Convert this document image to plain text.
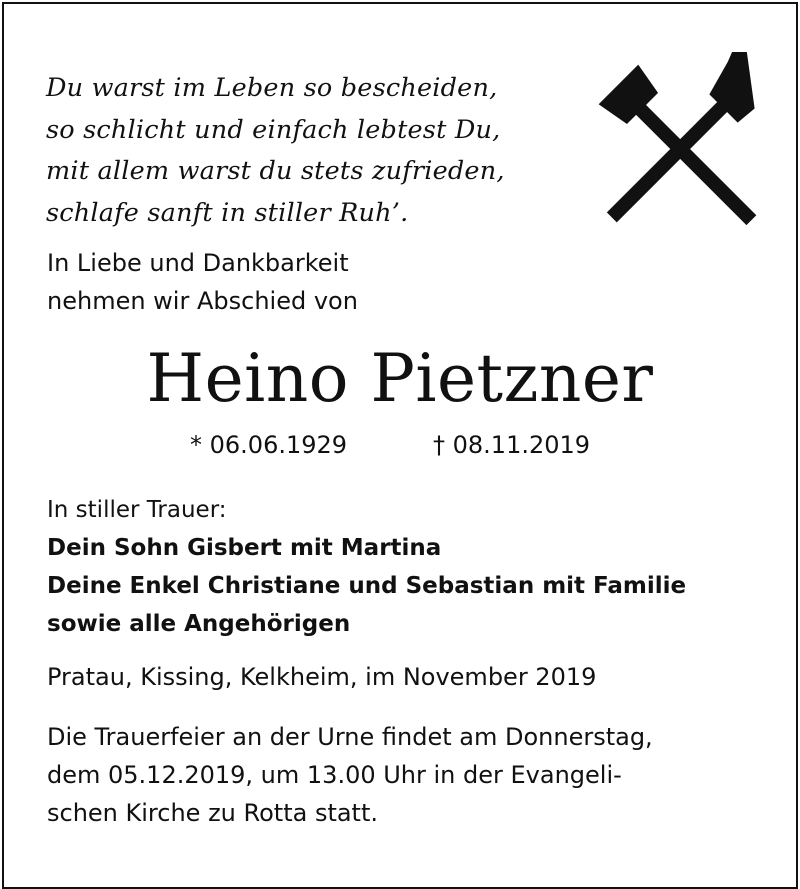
Du warst im Leben so bescheiden,
so schlicht und einfach lebtest Du,
mit allem warst du stets zufrieden,
schlafe sanft in stiller Ruh’.
In Liebe und Dankbarkeit
nehmen wir Abschied von
Heino Pietzner
* 06.06.1929	† 08.11.2019
In stiller Trauer:
Dein Sohn Gisbert mit Martina
Deine Enkel Christiane und Sebastian mit Familie
sowie alle Angehörigen
Pratau, Kissing, Kelkheim, im November 2019
Die Trauerfeier an der Urne findet am Donnerstag,
dem 05.12.2019, um 13.00 Uhr in der Evangeli-
schen Kirche zu Rotta statt.
